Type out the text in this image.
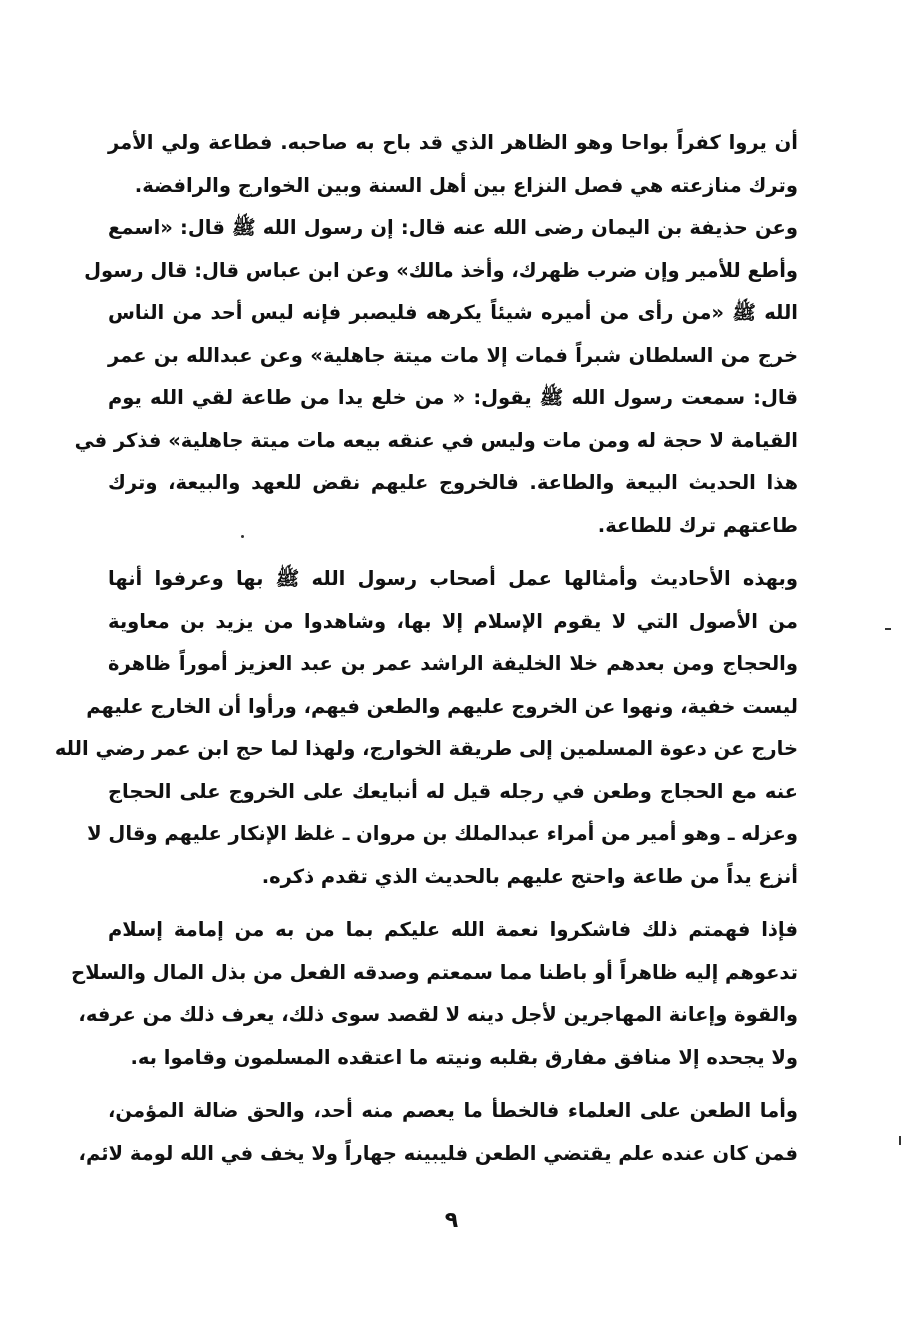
أن يروا كفراً بواحا وهو الظاهر الذي قد باح به صاحبه. فطاعة ولي الأمر
وترك منازعته هي فصل النزاع بين أهل السنة وبين الخوارج والرافضة.

وعن حذيفة بن اليمان رضى الله عنه قال: إن رسول الله ﷺ قال: «اسمع
وأطع للأمير وإن ضرب ظهرك، وأخذ مالك» وعن ابن عباس قال: قال رسول
الله ﷺ «من رأى من أميره شيئاً يكرهه فليصبر فإنه ليس أحد من الناس
خرج من السلطان شبراً فمات إلا مات ميتة جاهلية» وعن عبدالله بن عمر
قال: سمعت رسول الله ﷺ يقول: « من خلع يدا من طاعة لقي الله يوم
القيامة لا حجة له ومن مات وليس في عنقه بيعه مات ميتة جاهلية» فذكر في
هذا الحديث البيعة والطاعة. فالخروج عليهم نقض للعهد والبيعة، وترك
طاعتهم ترك للطاعة.

وبهذه الأحاديث وأمثالها عمل أصحاب رسول الله ﷺ بها وعرفوا أنها
من الأصول التي لا يقوم الإسلام إلا بها، وشاهدوا من يزيد بن معاوية
والحجاج ومن بعدهم خلا الخليفة الراشد عمر بن عبد العزيز أموراً ظاهرة
ليست خفية، ونهوا عن الخروج عليهم والطعن فيهم، ورأوا أن الخارج عليهم
خارج عن دعوة المسلمين إلى طريقة الخوارج، ولهذا لما حج ابن عمر رضي الله
عنه مع الحجاج وطعن في رجله قيل له أنبايعك على الخروج على الحجاج
وعزله ـ وهو أمير من أمراء عبدالملك بن مروان ـ غلظ الإنكار عليهم وقال لا
أنزع يداً من طاعة واحتج عليهم بالحديث الذي تقدم ذكره.

فإذا فهمتم ذلك فاشكروا نعمة الله عليكم بما من به من إمامة إسلام
تدعوهم إليه ظاهراً أو باطنا مما سمعتم وصدقه الفعل من بذل المال والسلاح
والقوة وإعانة المهاجرين لأجل دينه لا لقصد سوى ذلك، يعرف ذلك من عرفه،
ولا يجحده إلا منافق مفارق بقلبه ونيته ما اعتقده المسلمون وقاموا به.

وأما الطعن على العلماء فالخطأ ما يعصم منه أحد، والحق ضالة المؤمن،
فمن كان عنده علم يقتضي الطعن فليبينه جهاراً ولا يخف في الله لومة لائم،

٩
